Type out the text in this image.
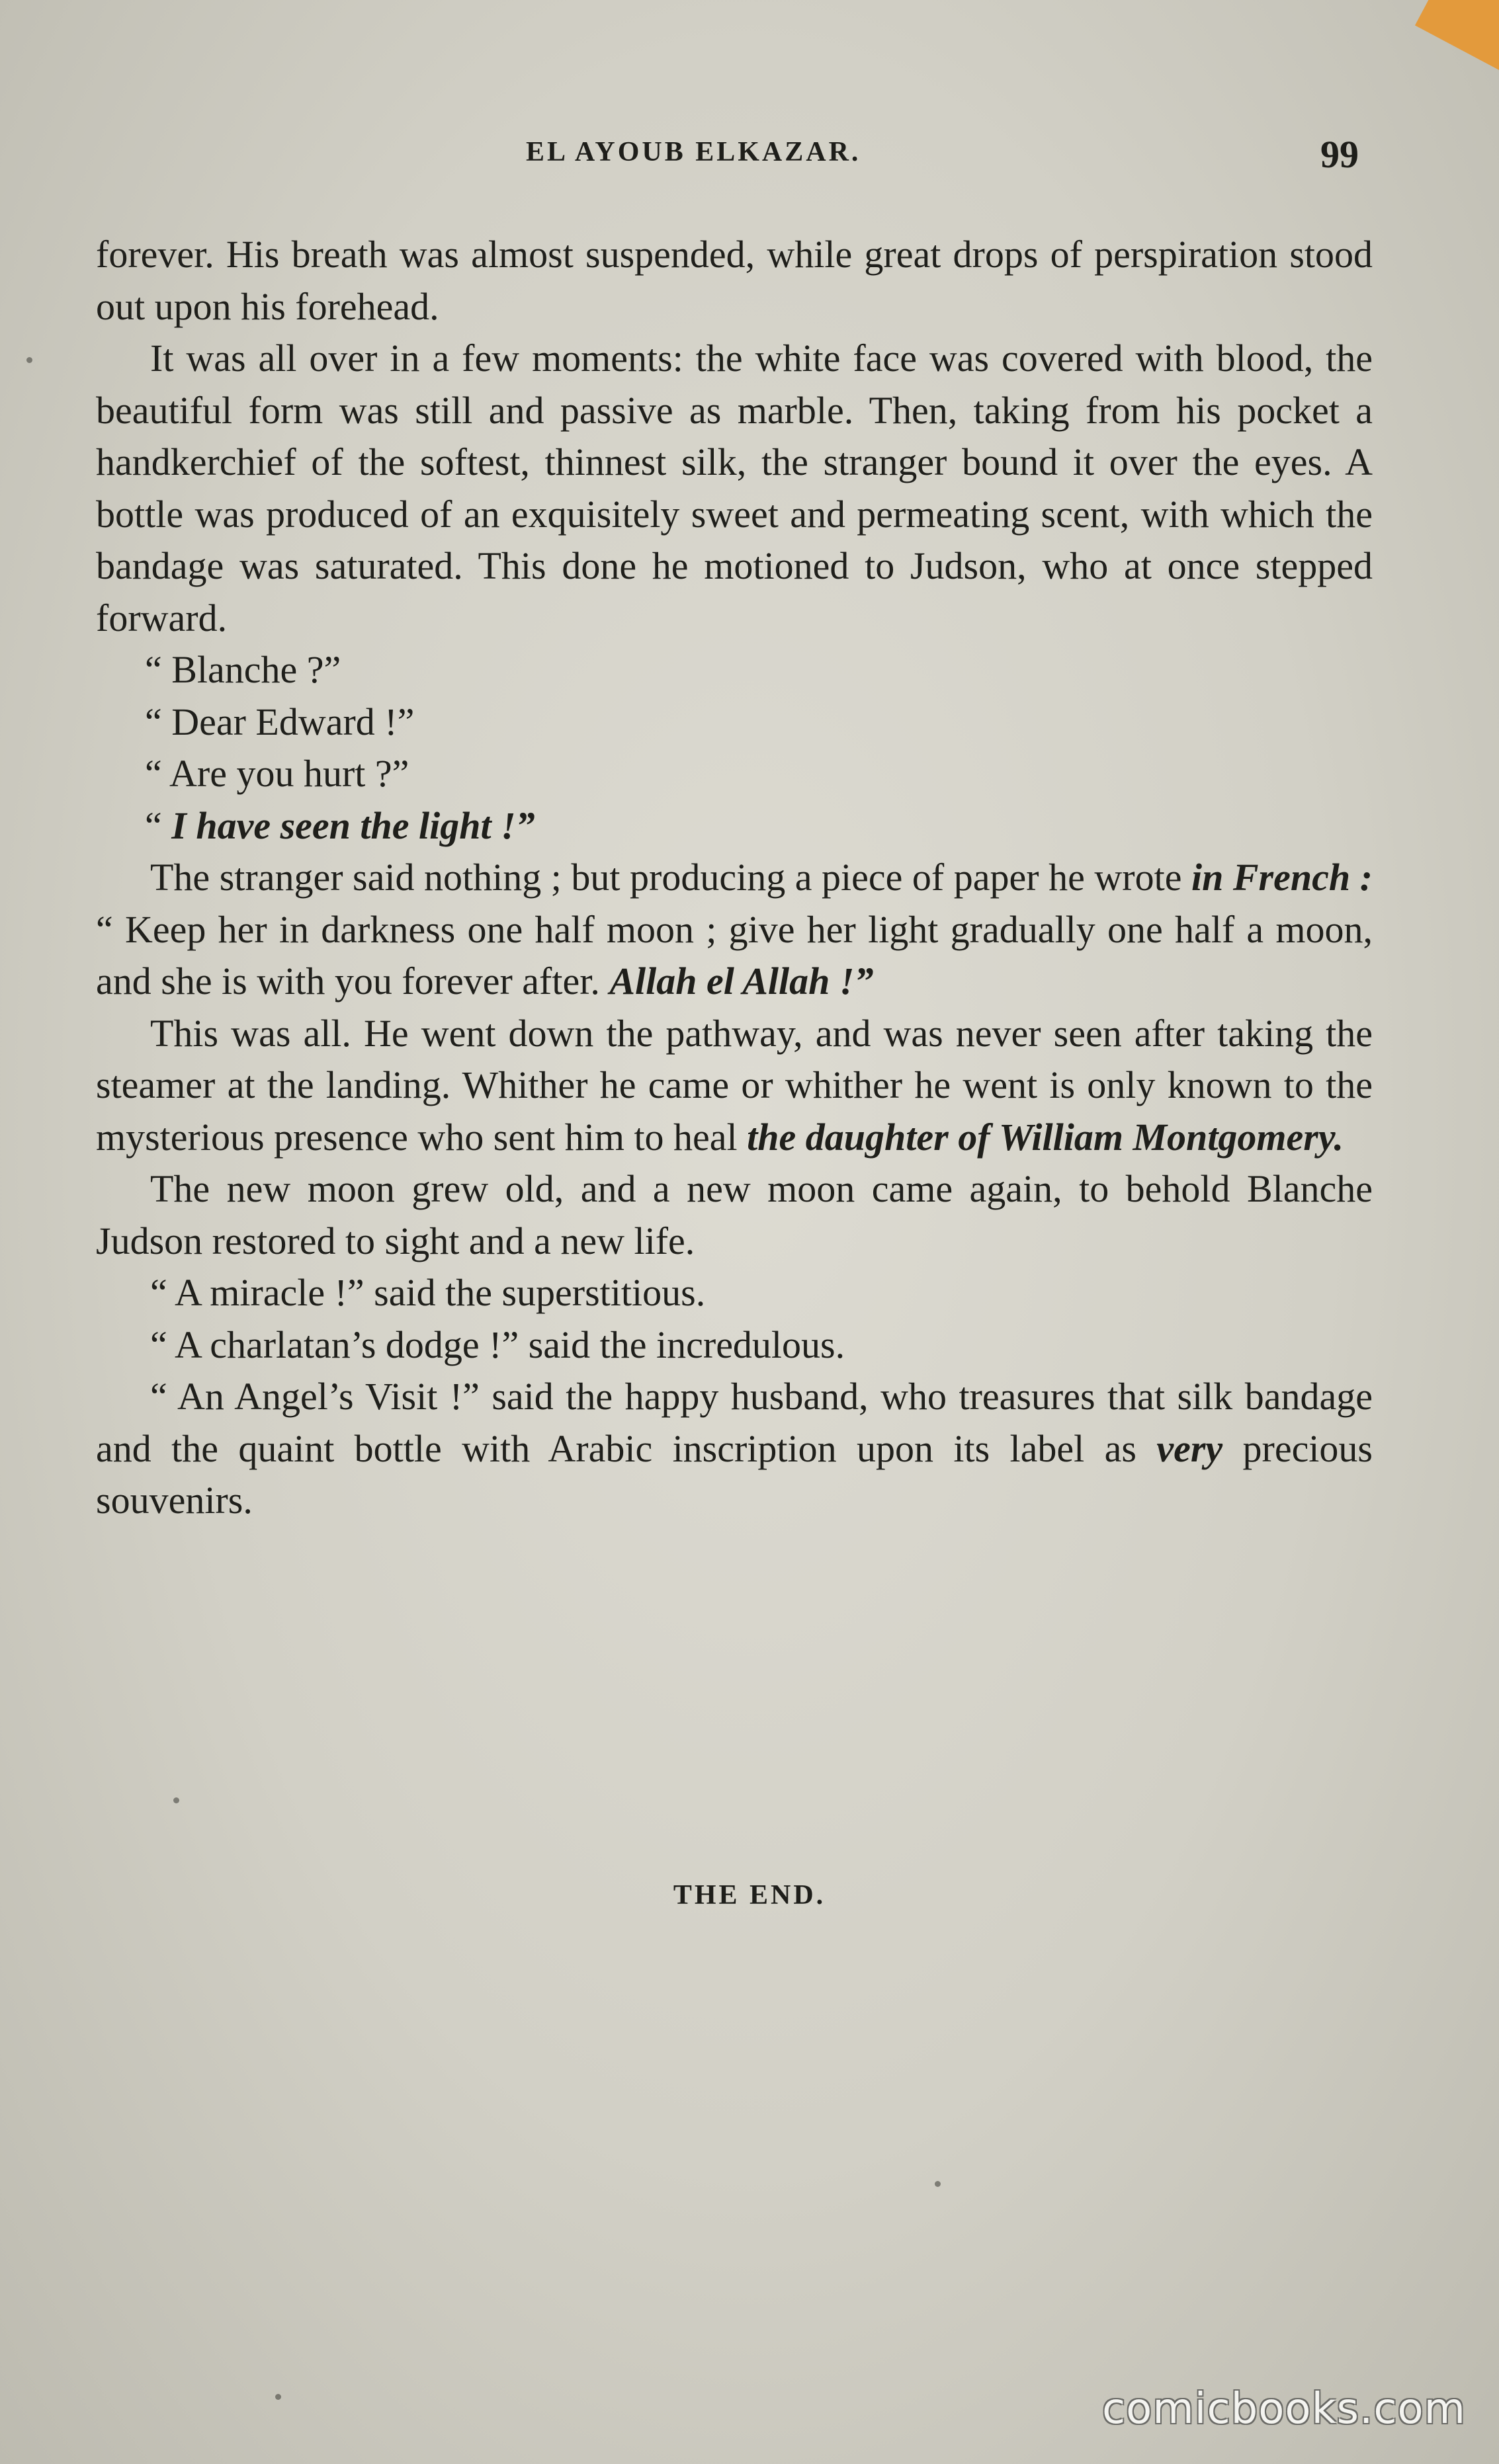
EL AYOUB ELKAZAR.	99

forever. His breath was almost suspended, while great drops of perspiration stood out upon his forehead.

It was all over in a few moments: the white face was covered with blood, the beautiful form was still and passive as marble. Then, taking from his pocket a handkerchief of the softest, thinnest silk, the stranger bound it over the eyes. A bottle was produced of an exquisitely sweet and permeating scent, with which the bandage was saturated. This done he motioned to Judson, who at once stepped forward.

“ Blanche ?”

“ Dear Edward !”

“ Are you hurt ?”

“ I have seen the light !”

The stranger said nothing ; but producing a piece of paper he wrote in French : “ Keep her in darkness one half moon ; give her light gradually one half a moon, and she is with you forever after. Allah el Allah !”

This was all. He went down the pathway, and was never seen after taking the steamer at the landing. Whither he came or whither he went is only known to the mysterious presence who sent him to heal the daughter of William Montgomery.

The new moon grew old, and a new moon came again, to behold Blanche Judson restored to sight and a new life.

“ A miracle !” said the superstitious.

“ A charlatan’s dodge !” said the incredulous.

“ An Angel’s Visit !” said the happy husband, who treasures that silk bandage and the quaint bottle with Arabic inscription upon its label as very precious souvenirs.

THE END.
comicbooks.com
